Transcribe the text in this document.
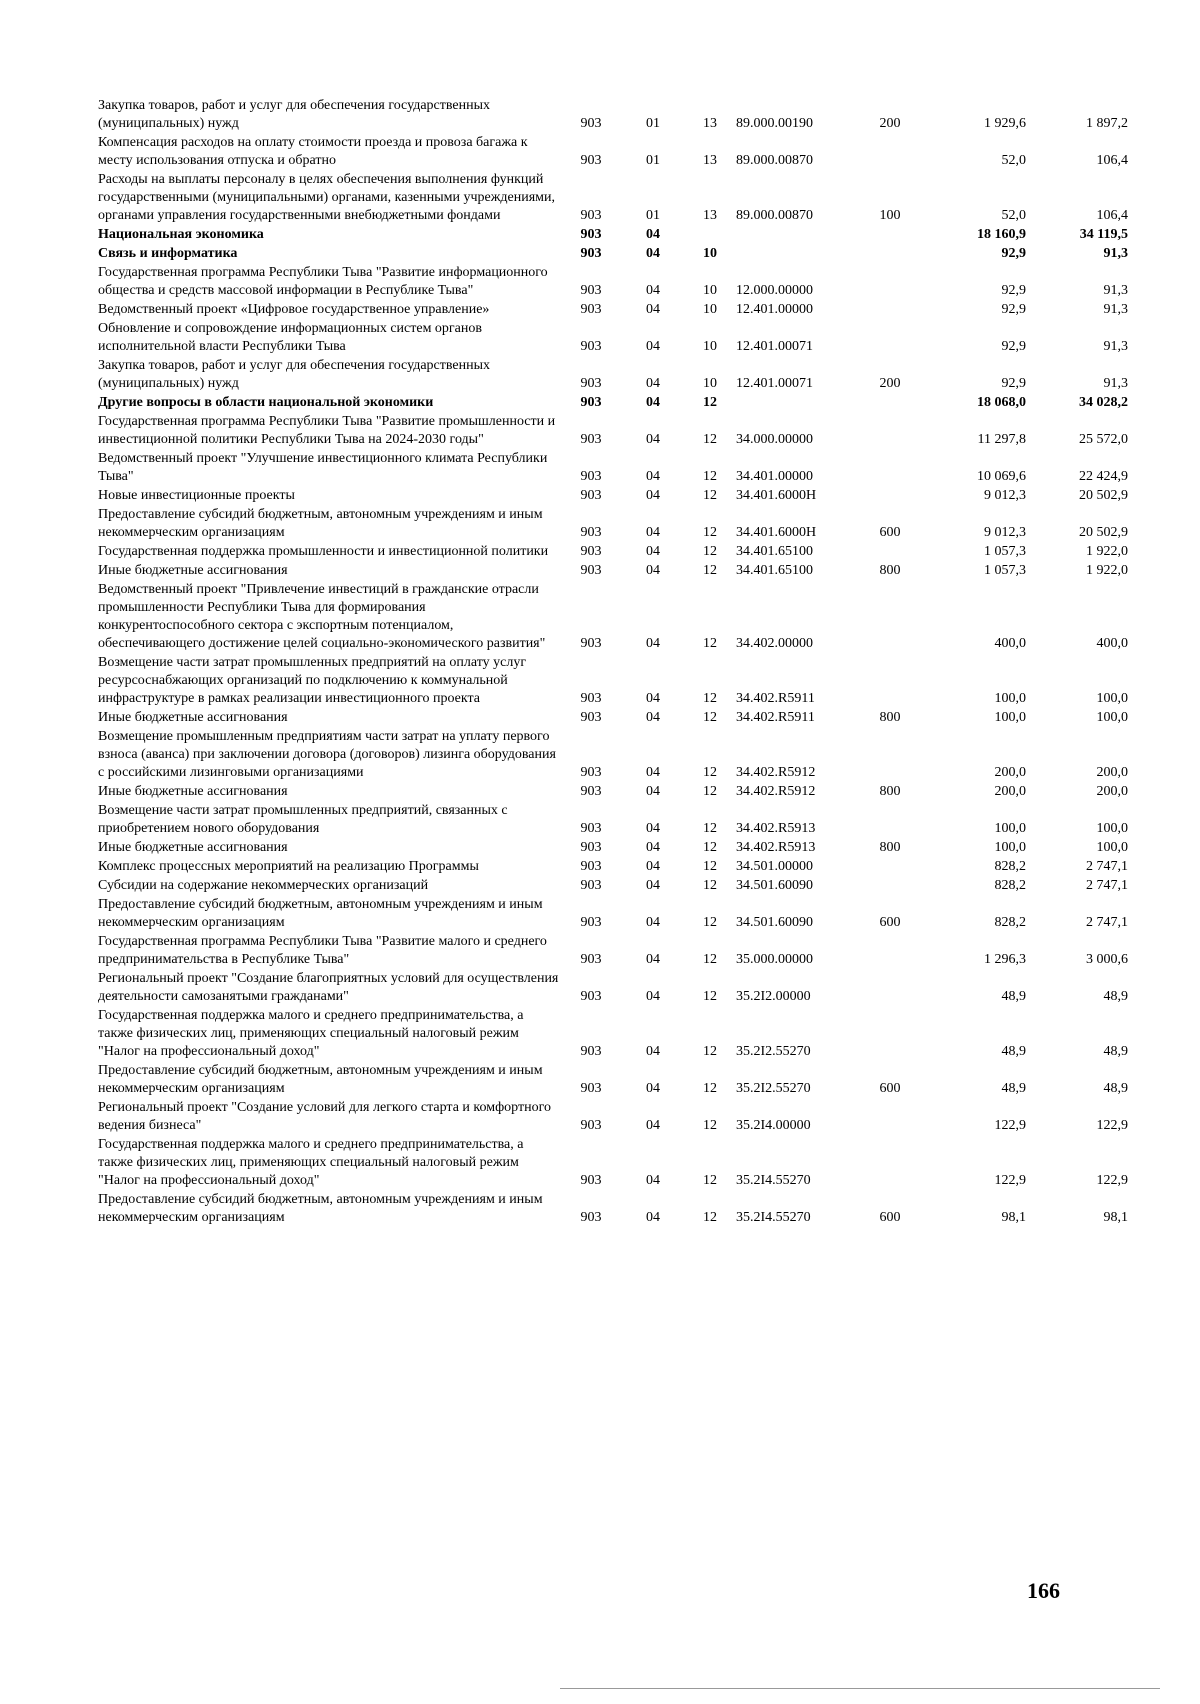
Закупка товаров, работ и услуг для обеспечения государственных (муниципальных) нужд	903	01	13	89.000.00190	200	1 929,6	1 897,2
Компенсация расходов на оплату стоимости проезда и провоза багажа к месту использования отпуска и обратно	903	01	13	89.000.00870		52,0	106,4
Расходы на выплаты персоналу в целях обеспечения выполнения функций государственными (муниципальными) органами, казенными учреждениями, органами управления государственными внебюджетными фондами	903	01	13	89.000.00870	100	52,0	106,4
Национальная экономика	903	04				18 160,9	34 119,5
Связь и информатика	903	04	10			92,9	91,3
Государственная программа Республики Тыва "Развитие информационного общества и средств массовой информации в Республике Тыва"	903	04	10	12.000.00000		92,9	91,3
Ведомственный проект «Цифровое государственное управление»	903	04	10	12.401.00000		92,9	91,3
Обновление и сопровождение информационных систем органов исполнительной власти Республики Тыва	903	04	10	12.401.00071		92,9	91,3
Закупка товаров, работ и услуг для обеспечения государственных (муниципальных) нужд	903	04	10	12.401.00071	200	92,9	91,3
Другие вопросы в области национальной экономики	903	04	12			18 068,0	34 028,2
Государственная программа Республики Тыва "Развитие промышленности и инвестиционной политики Республики Тыва на 2024-2030 годы"	903	04	12	34.000.00000		11 297,8	25 572,0
Ведомственный проект "Улучшение инвестиционного климата Республики Тыва"	903	04	12	34.401.00000		10 069,6	22 424,9
Новые инвестиционные проекты	903	04	12	34.401.6000Н		9 012,3	20 502,9
Предоставление субсидий бюджетным, автономным учреждениям и иным некоммерческим организациям	903	04	12	34.401.6000Н	600	9 012,3	20 502,9
Государственная поддержка промышленности и инвестиционной политики	903	04	12	34.401.65100		1 057,3	1 922,0
Иные бюджетные ассигнования	903	04	12	34.401.65100	800	1 057,3	1 922,0
Ведомственный проект "Привлечение инвестиций в гражданские отрасли промышленности Республики Тыва для формирования конкурентоспособного сектора с экспортным потенциалом, обеспечивающего достижение целей социально-экономического развития"	903	04	12	34.402.00000		400,0	400,0
Возмещение части затрат промышленных предприятий на оплату услуг ресурсоснабжающих организаций по подключению к коммунальной инфраструктуре в рамках реализации инвестиционного проекта	903	04	12	34.402.R5911		100,0	100,0
Иные бюджетные ассигнования	903	04	12	34.402.R5911	800	100,0	100,0
Возмещение промышленным предприятиям части затрат на уплату первого взноса (аванса) при заключении договора (договоров) лизинга оборудования с российскими лизинговыми организациями	903	04	12	34.402.R5912		200,0	200,0
Иные бюджетные ассигнования	903	04	12	34.402.R5912	800	200,0	200,0
Возмещение части затрат промышленных предприятий, связанных с приобретением нового оборудования	903	04	12	34.402.R5913		100,0	100,0
Иные бюджетные ассигнования	903	04	12	34.402.R5913	800	100,0	100,0
Комплекс процессных мероприятий на реализацию Программы	903	04	12	34.501.00000		828,2	2 747,1
Субсидии на содержание некоммерческих организаций	903	04	12	34.501.60090		828,2	2 747,1
Предоставление субсидий бюджетным, автономным учреждениям и иным некоммерческим организациям	903	04	12	34.501.60090	600	828,2	2 747,1
Государственная программа Республики Тыва "Развитие малого и среднего предпринимательства в Республике Тыва"	903	04	12	35.000.00000		1 296,3	3 000,6
Региональный проект "Создание благоприятных условий для осуществления деятельности самозанятыми гражданами"	903	04	12	35.2I2.00000		48,9	48,9
Государственная поддержка малого и среднего предпринимательства, а также физических лиц, применяющих специальный налоговый режим "Налог на профессиональный доход"	903	04	12	35.2I2.55270		48,9	48,9
Предоставление субсидий бюджетным, автономным учреждениям и иным некоммерческим организациям	903	04	12	35.2I2.55270	600	48,9	48,9
Региональный проект "Создание условий для легкого старта и комфортного ведения бизнеса"	903	04	12	35.2I4.00000		122,9	122,9
Государственная поддержка малого и среднего предпринимательства, а также физических лиц, применяющих специальный налоговый режим "Налог на профессиональный доход"	903	04	12	35.2I4.55270		122,9	122,9
Предоставление субсидий бюджетным, автономным учреждениям и иным некоммерческим организациям	903	04	12	35.2I4.55270	600	98,1	98,1
166
